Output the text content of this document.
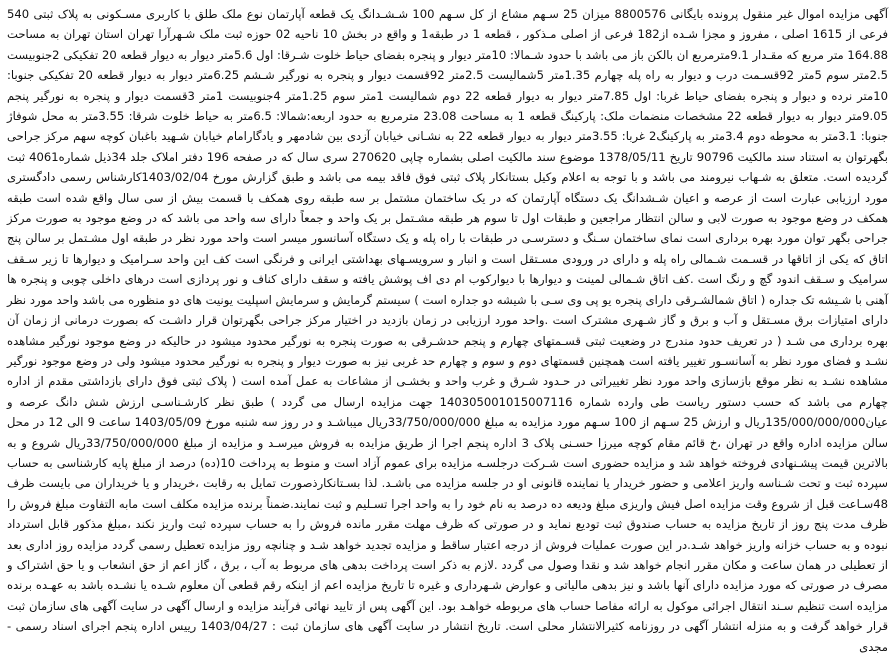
آگهی مزایده اموال غیر منقول پرونده بایگانی 8800576 میزان 25 سـهم مشاع از کل سـهم 100 شـشـدانگ یک قطعه آپارتمان نوع ملک طلق با کاربری مسـکونی به پلاک ثبتی 540 فرعی از 1615 اصلی ، مفروز و مجزا شـده از182 فرعی از اصلی مـذکور ، قطعه 1 در طبقه1 و واقع در بخش 10 ناحیه 02 حوزه ثبت ملک شـهرآرا تهران استان تهران به مساحت 164.88 متر مربع که مقـدار 9.1مترمربع ان بالکن باز می باشد با حدود شـمالا: 10متر دیوار و پنجره بفضای حیاط خلوت شـرقا: اول 5.6متر دیوار به دیوار قطعه 20 تفکیکی 2جنوبیست 2.5متر سوم 5متر 92قسـمت درب و دیوار به راه پله چهارم 1.35متر 5شمالیست 2.5متر 92قسمت دیوار و پنجره به نورگیر شـشم 6.25متر دیوار به دیوار قطعه 20 تفکیکی جنوبا: 10متر نرده و دیوار و پنجره بفضای حیاط غربا: اول 7.85متر دیوار به دیوار قطعه 22 دوم شمالیست 1متر سوم 1.25متر 4جنوبیست 1متر 3قسمت دیوار و پنجره به نورگیر پنجم 9.05متر دیوار به دیوار قطعه 22 مشخصات منضمات ملک: پارکینگ قطعه 1 به مساحت 23.08 مترمربع به حدود اربعه:شمالا: 6.5متر به حیاط خلوت شرقا: 3.55متر به محل شوفاژ جنوبا: 3.1متر به محوطه دوم 3.4متر به پارکینگ2 غربا: 3.55متر دیوار به دیوار قطعه 22 به نشـانی خیابان آزدی بین شادمهر و یادگارامام خیابان شـهید باغبان کوچه سهم مرکز جراحی بگهرتوان به استناد سند مالکیت 90796 تاریخ 1378/05/11 موضوع سند مالکیت اصلی بشماره چاپی 270620 سری سال که در صفحه 196 دفتر املاک جلد 34ذیل شماره4061 ثبت گردیده است. متعلق به شـهاب نیرومند می باشد و با توجه به اعلام وکیل بستانکار پلاک ثبتی فوق فاقد بیمه می باشد و طبق گزارش مورخ 1403/02/04کارشناس رسمی دادگستری مورد ارزیابی عبارت است از عرصه و اعیان شـشدانگ یک دستگاه آپارتمان که در یک ساختمان مشتمل بر سه طبقه روی همکف با قسمت بیش از سی سال واقع شده است طبقه همکف در وضع موجود به صورت لابی و سالن انتظار مراجعین و طبقات اول تا سوم هر طبقه مشـتمل بر یک واحد و جمعاً دارای سه واحد می باشد که در وضع موجود به صورت مرکز جراحی بگهر توان مورد بهره برداری است نمای ساختمان سـنگ و دسترسـی در طبقات با راه پله و یک دستگاه آسانسور میسر است واحد مورد نظر در طبقه اول مشـتمل بر سالن پنج اتاق که یکی از اتاقها در قسـمت شـمالی راه پله و دارای در ورودی مسـتقل است و انبار و سرویسـهای بهداشتی ایرانی و فرنگی است کف این واحد سـرامیک و دیوارها تا زیر سـقف سرامیک و سـقف اندود گچ و رنگ است .کف اتاق شـمالی لمینت و دیوارها با دیوارکوب ام دی اف پوشش یافته و سقف دارای کناف و نور پردازی است درهای داخلی چوبی و پنجره ها آهنی با شـیشه تک جداره ( اتاق شمالشـرقی دارای پنجره یو پی وی سـی با شیشه دو جداره است ) سیستم گرمایش و سرمایش اسپلیت یونیت های دو منظوره می باشد واحد مورد نظر دارای امتیازات برق مسـتقل و آب و برق و گاز شـهری مشترک است .واحد مورد ارزیابی در زمان بازدید در اختیار مرکز جراحی بگهرتوان قرار داشـت که بصورت درمانی از زمان آن بهره برداری می شـد ( در تعریف حدود مندرج در وضعیت ثبتی قسـمتهای چهارم و پنجم حدشـرقی به صورت پنجره به نورگیر محدود میشود در حالیکه در وضع موجود نورگیر مشاهده نشـد و فضای مورد نظر به آسانسـور تغییر یافته است همچنین قسمتهای دوم و سوم و چهارم حد غربی نیز به صورت دیوار و پنجره به نورگیر محدود میشود ولی در وضع موجود نورگیر مشاهده نشـد به نظر موقع بازسازی واحد مورد نظر تغییراتی در حـدود شـرق و غرب واحد و بخشـی از مشاعات به عمل آمده است ( پلاک ثبتی فوق دارای بازداشتی مقدم از اداره چهارم می باشد که حسب دستور ریاست طی وارده شماره 140305001015007116 جهت مزایده ارسال می گردد ) طبق نظر کارشـناسـی ارزش شش دانگ عرصه و عیان135/000/000/000ریال و ارزش 25 سـهم از 100 سـهم مورد مزایده به مبلغ 33/750/000/000ریال میباشـد و در روز سه شنبه مورخ 1403/05/09 ساعت 9 الی 12 در محل سالن مزایده اداره واقع در تهران ،خ قائم مقام کوچه میرزا حسـنی پلاک 3 اداره پنجم اجرا از طریق مزایده به فروش میرسـد و مزایده از مبلغ 33/750/000/000ریال شروع و به بالاترین قیمت پیشـنهادی فروخته خواهد شد و مزایده حضوری است شـرکت درجلسـه مزایده برای عموم آزاد است و منوط به پرداخت 10(ده) درصد از مبلغ پایه کارشناسی به حساب سپرده ثبت و تحت شـناسه واریز اعلامی و حضور خریدار یا نماینده قانونی او در جلسه مزایده می باشـد. لذا بسـتانکارذصورت تمایل به رقابت ،خریدار و یا خریداران می بایست ظرف 48سـاعت قبل از شروع وقت مزایده اصل فیش واریزی مبلغ ودیعه ده درصد به نام خود را به واحد اجرا تسـلیم و ثبت نمایند.ضمناً برنده مزایده مکلف است مابه التفاوت مبلغ فروش را ظرف مدت پنج روز از تاریخ مزایده به حساب صندوق ثبت تودیع نماید و در صورتی که ظرف مهلت مقرر مانده فروش را به حساب سپرده ثبت واریز نکند ،مبلغ مذکور قابل استرداد نبوده و به حساب خزانه واریز خواهد شـد.در این صورت عملیات فروش از درجه اعتبار ساقط و مزایده تجدید خواهد شـد و چنانچه روز مزایده تعطیل رسمی گردد مزایده روز اداری بعد از تعطیلی در همان ساعت و مکان مقرر انجام خواهد شد و نقدا وصول می گردد .لازم به ذکر است پرداخت بدهی های مربوط به آب ، برق ، گاز اعم از حق انشعاب و یا حق اشتراک و مصرف در صورتی که مورد مزایده دارای آنها باشد و نیز بدهی مالیاتی و عوارض شـهرداری و غیره تا تاریخ مزایده اعم از اینکه رقم قطعی آن معلوم شـده یا نشـده باشد به عهـده برنده مزایده است تنظیم سـند انتقال اجرائی موکول به ارائه مفاصا حساب های مربوطه خواهـد بود. این آگهی پس از تایید نهائی فرآیند مزایده و ارسال آگهی در سایت آگهی های سازمان ثبت قرار خواهد گرفت و به منزله انتشار آگهی در روزنامه کثیرالانتشار محلی است. تاریخ انتشار در سایت آگهی های سازمان ثبت : 1403/04/27 رییس اداره پنجم اجرای اسناد رسمی - مجدی
